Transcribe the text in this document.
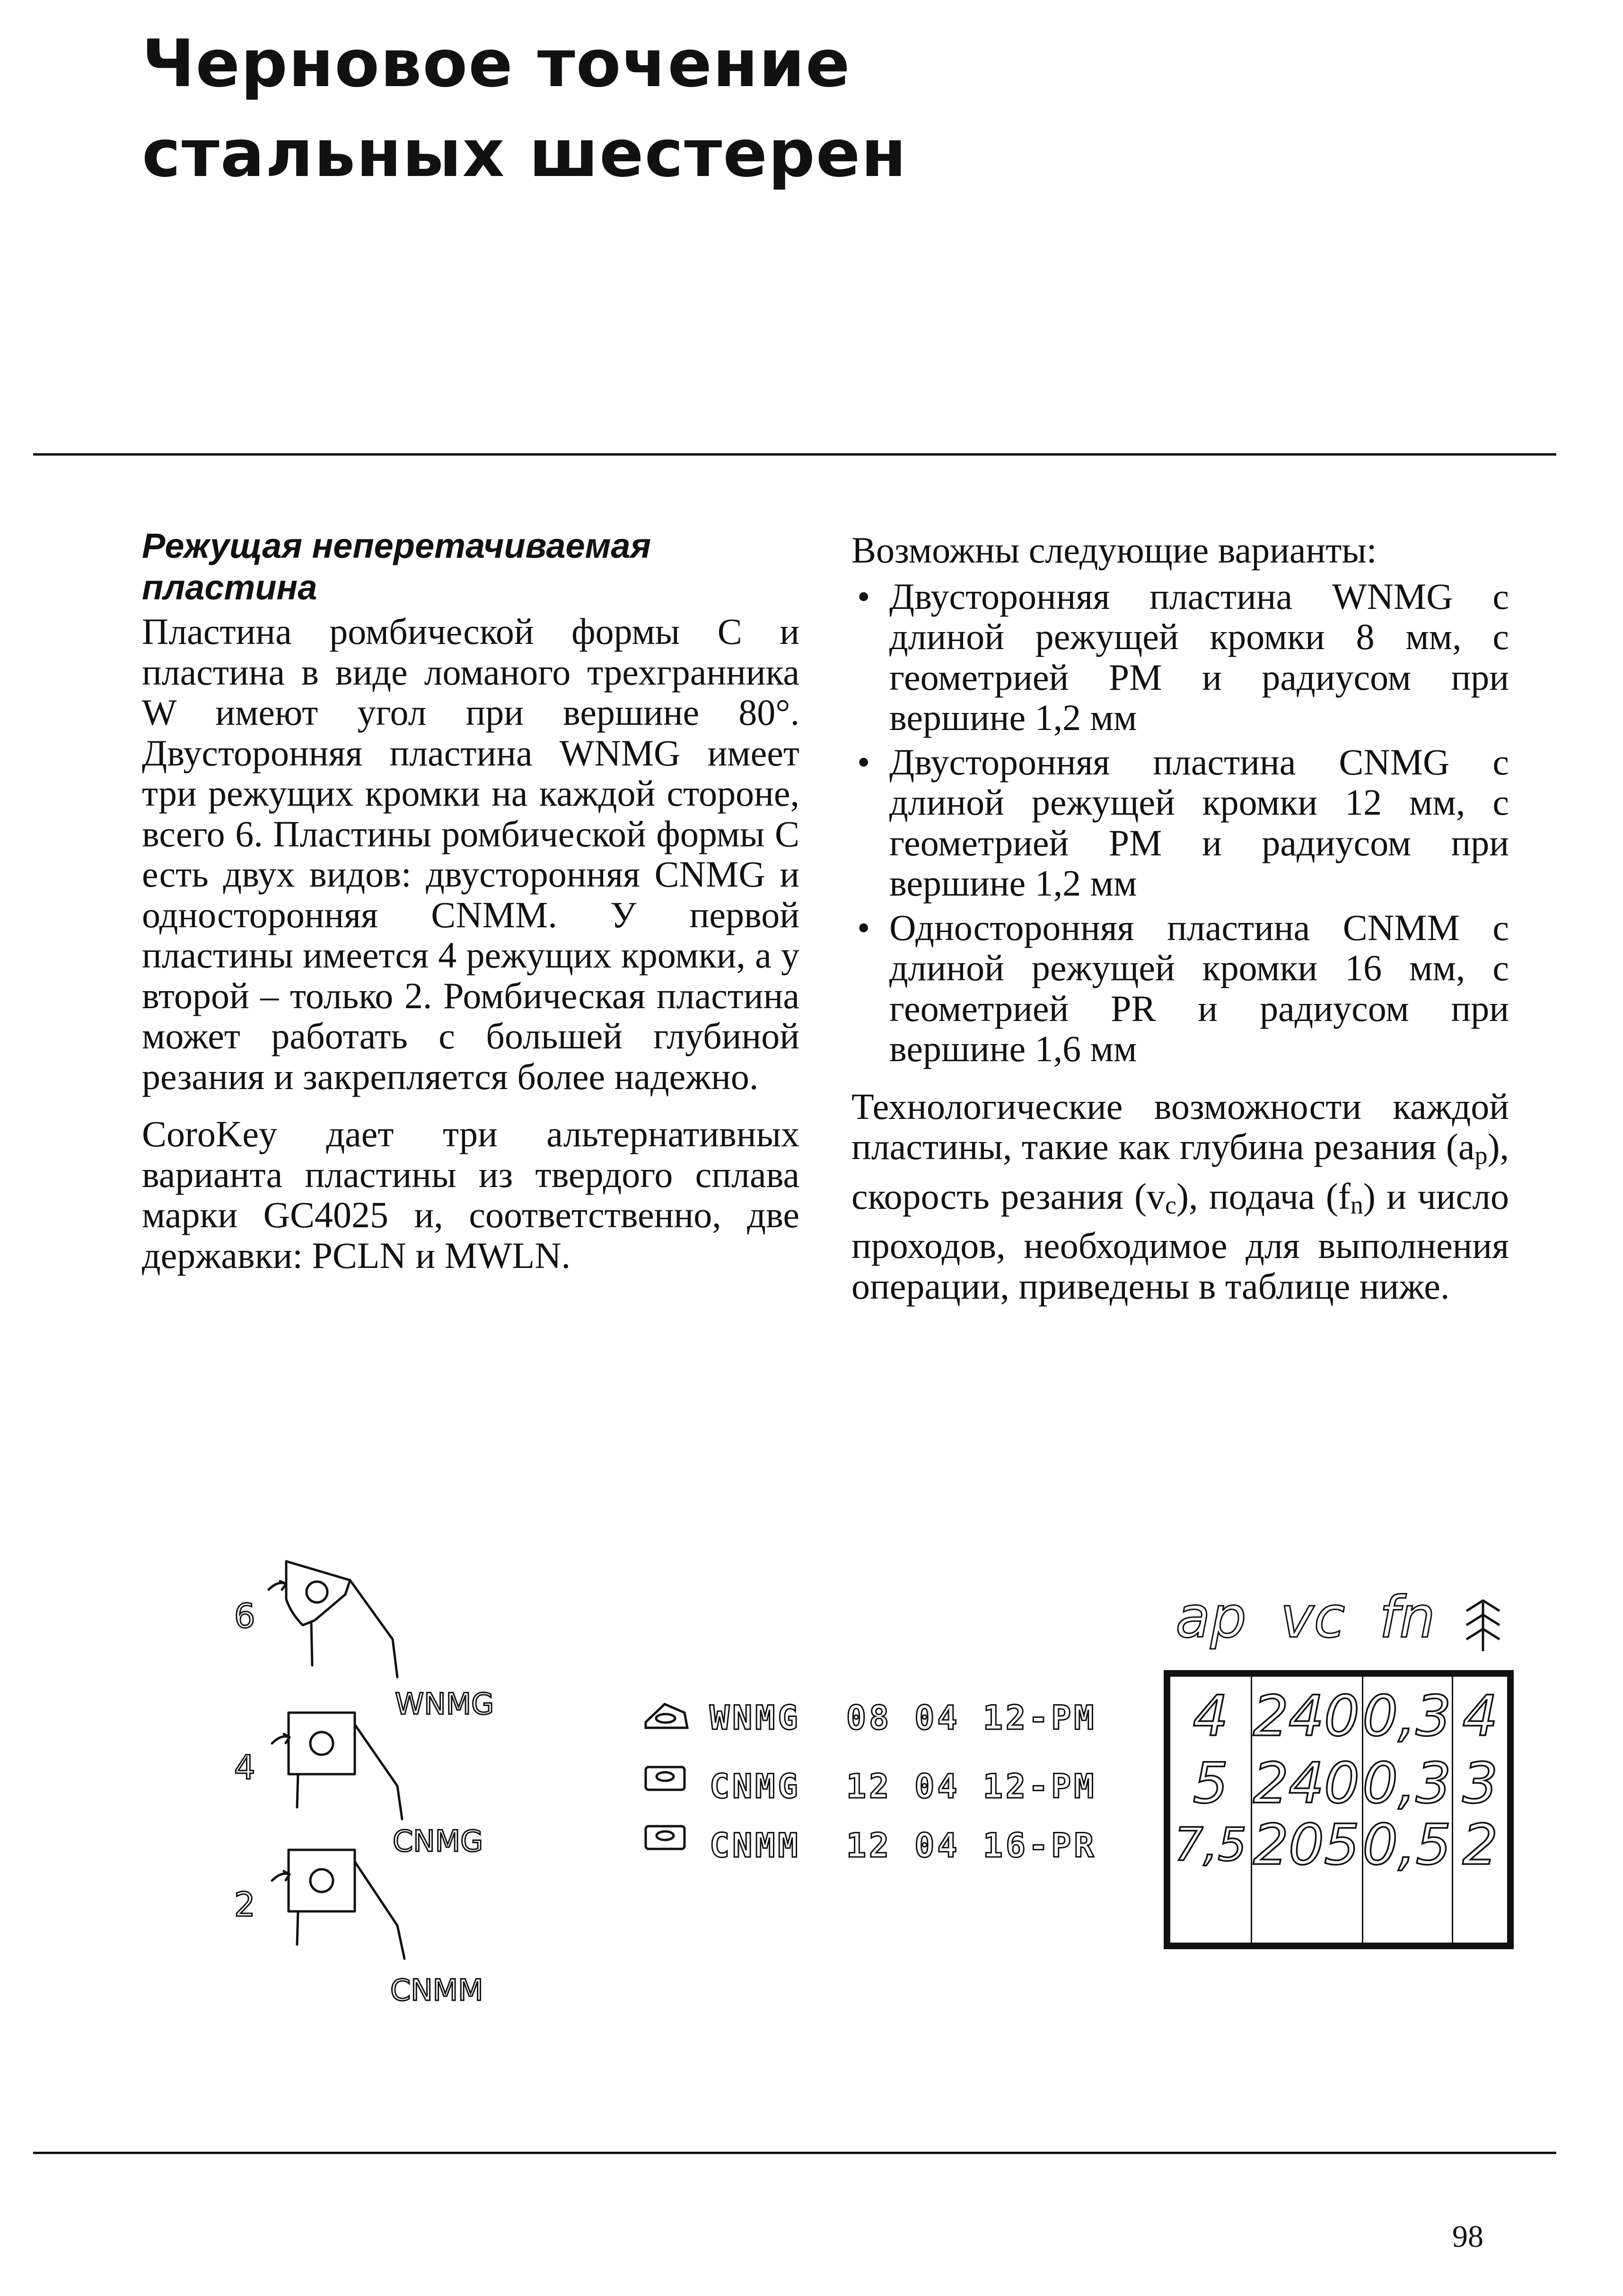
Черновое точение
стальных шестерен
Режущая неперетачиваемая
пластина

Пластина ромбической формы С и пластина в виде ломаного трехгранника W имеют угол при вершине 80°. Двусторонняя пластина WNMG имеет три режущих кромки на каждой стороне, всего 6. Пластины ромбической формы С есть двух видов: двусторонняя CNMG и односторонняя CNMM. У первой пластины имеется 4 режущих кромки, а у второй – только 2. Ромбическая пластина может работать с большей глубиной резания и закрепляется более надежно.

CoroKey дает три альтернативных варианта пластины из твердого сплава марки GC4025 и, соответственно, две державки: PCLN и MWLN.

Возможны следующие варианты:

• Двусторонняя пластина WNMG с длиной режущей кромки 8 мм, с геометрией PM и радиусом при вершине 1,2 мм
• Двусторонняя пластина CNMG с длиной режущей кромки 12 мм, с геометрией PM и радиусом при вершине 1,2 мм
• Односторонняя пластина CNMM с длиной режущей кромки 16 мм, с геометрией PR и радиусом при вершине 1,6 мм

Технологические возможности каждой пластины, такие как глубина резания (ap), скорость резания (vc), подача (fn) и число проходов, необходимое для выполнения операции, приведены в таблице ниже.

6
4
2
WNMG
CNMG
CNMM
WNMG  08 04 12-PM
CNMG  12 04 12-PM
CNMM  12 04 16-PR
ap vc fn
4 240 0,3 4
5 240 0,3 3
7,5 205 0,5 2
98
